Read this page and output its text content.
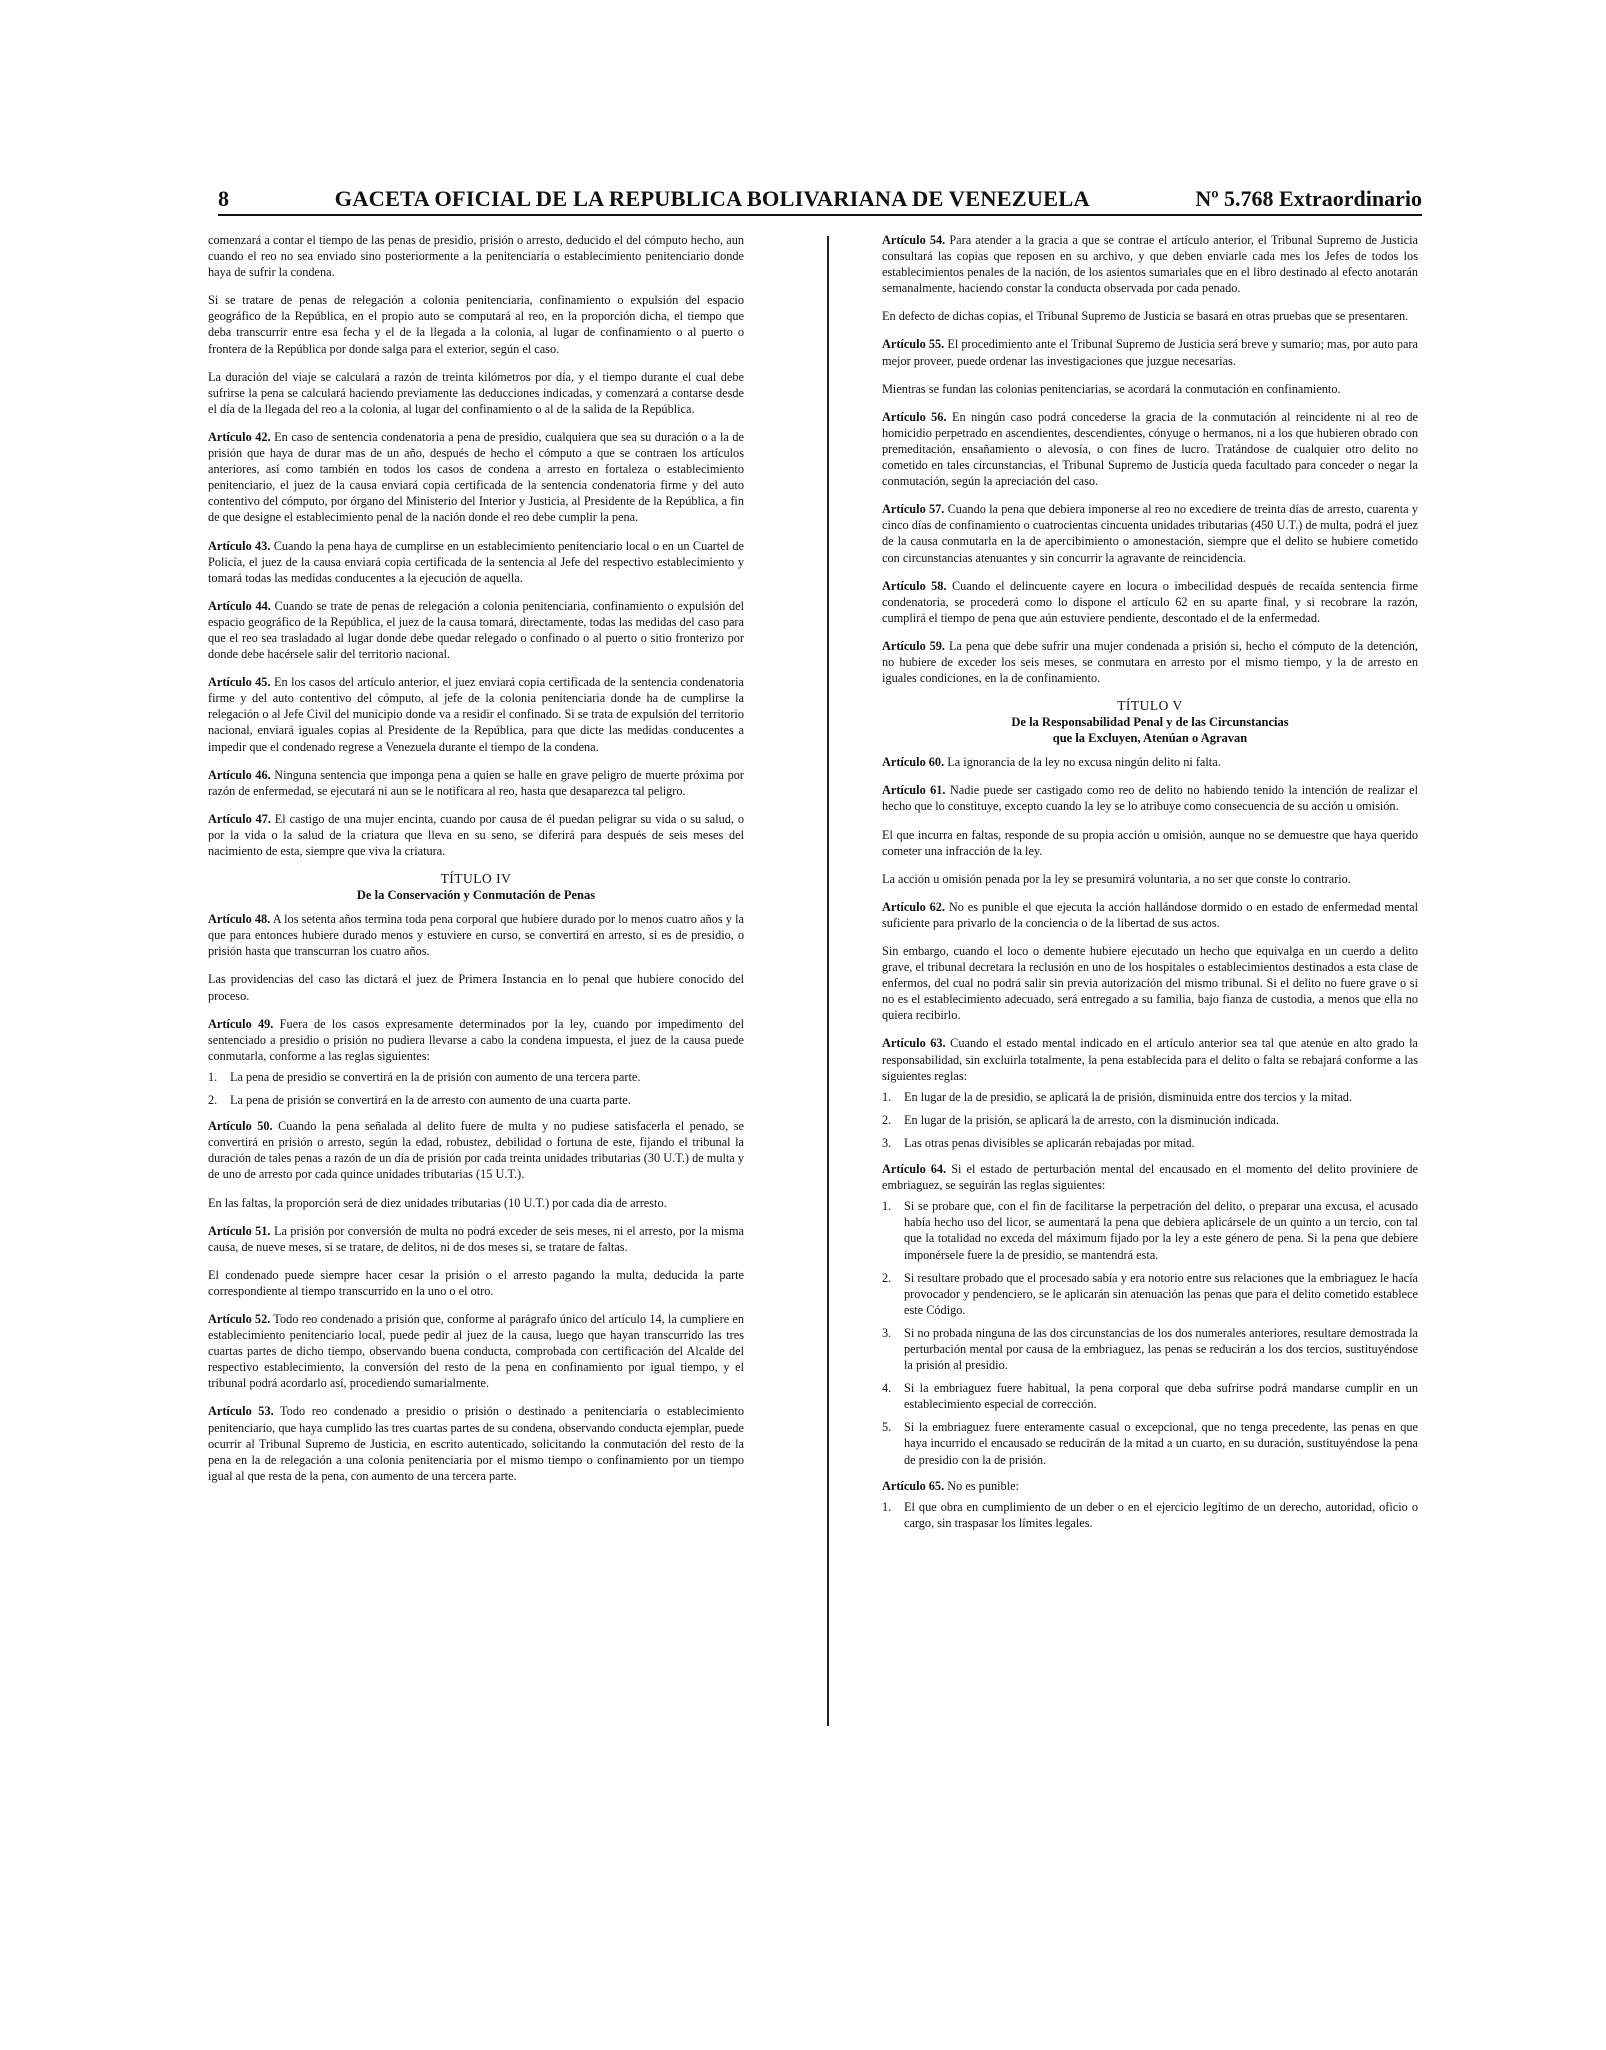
8	GACETA OFICIAL DE LA REPUBLICA BOLIVARIANA DE VENEZUELA	Nº 5.768 Extraordinario

comenzará a contar el tiempo de las penas de presidio, prisión o arresto, deducido el del cómputo hecho, aun cuando el reo no sea enviado sino posteriormente a la penitenciaría o establecimiento penitenciario donde haya de sufrir la condena.

Si se tratare de penas de relegación a colonia penitenciaria, confinamiento o expulsión del espacio geográfico de la República, en el propio auto se computará al reo, en la proporción dicha, el tiempo que deba transcurrir entre esa fecha y el de la llegada a la colonia, al lugar de confinamiento o al puerto o frontera de la República por donde salga para el exterior, según el caso.

La duración del viaje se calculará a razón de treinta kilómetros por día, y el tiempo durante el cual debe sufrirse la pena se calculará haciendo previamente las deducciones indicadas, y comenzará a contarse desde el día de la llegada del reo a la colonia, al lugar del confinamiento o al de la salida de la República.

Artículo 42. En caso de sentencia condenatoria a pena de presidio, cualquiera que sea su duración o a la de prisión que haya de durar mas de un año, después de hecho el cómputo a que se contraen los artículos anteriores, así como también en todos los casos de condena a arresto en fortaleza o establecimiento penitenciario, el juez de la causa enviará copia certificada de la sentencia condenatoria firme y del auto contentivo del cómputo, por órgano del Ministerio del Interior y Justicia, al Presidente de la República, a fin de que designe el establecimiento penal de la nación donde el reo debe cumplir la pena.

Artículo 43. Cuando la pena haya de cumplirse en un establecimiento penitenciario local o en un Cuartel de Policía, el juez de la causa enviará copia certificada de la sentencia al Jefe del respectivo establecimiento y tomará todas las medidas conducentes a la ejecución de aquella.

Artículo 44. Cuando se trate de penas de relegación a colonia penitenciaria, confinamiento o expulsión del espacio geográfico de la República, el juez de la causa tomará, directamente, todas las medidas del caso para que el reo sea trasladado al lugar donde debe quedar relegado o confinado o al puerto o sitio fronterizo por donde debe hacérsele salir del territorio nacional.

Artículo 45. En los casos del artículo anterior, el juez enviará copia certificada de la sentencia condenatoria firme y del auto contentivo del cómputo, al jefe de la colonia penitenciaria donde ha de cumplirse la relegación o al Jefe Civil del municipio donde va a residir el confinado. Si se trata de expulsión del territorio nacional, enviará iguales copias al Presidente de la República, para que dicte las medidas conducentes a impedir que el condenado regrese a Venezuela durante el tiempo de la condena.

Artículo 46. Ninguna sentencia que imponga pena a quien se halle en grave peligro de muerte próxima por razón de enfermedad, se ejecutará ni aun se le notificara al reo, hasta que desaparezca tal peligro.

Artículo 47. El castigo de una mujer encinta, cuando por causa de él puedan peligrar su vida o su salud, o por la vida o la salud de la criatura que lleva en su seno, se diferirá para después de seis meses del nacimiento de esta, siempre que viva la criatura.

TÍTULO IV
De la Conservación y Conmutación de Penas

Artículo 48. A los setenta años termina toda pena corporal que hubiere durado por lo menos cuatro años y la que para entonces hubiere durado menos y estuviere en curso, se convertirá en arresto, si es de presidio, o prisión hasta que transcurran los cuatro años.

Las providencias del caso las dictará el juez de Primera Instancia en lo penal que hubiere conocido del proceso.

Artículo 49. Fuera de los casos expresamente determinados por la ley, cuando por impedimento del sentenciado a presidio o prisión no pudiera llevarse a cabo la condena impuesta, el juez de la causa puede conmutarla, conforme a las reglas siguientes:

1.	La pena de presidio se convertirá en la de prisión con aumento de una tercera parte.
2.	La pena de prisión se convertirá en la de arresto con aumento de una cuarta parte.

Artículo 50. Cuando la pena señalada al delito fuere de multa y no pudiese satisfacerla el penado, se convertirá en prisión o arresto, según la edad, robustez, debilidad o fortuna de este, fijando el tribunal la duración de tales penas a razón de un día de prisión por cada treinta unidades tributarias (30 U.T.) de multa y de uno de arresto por cada quince unidades tributarias (15 U.T.).

En las faltas, la proporción será de diez unidades tributarias (10 U.T.) por cada día de arresto.

Artículo 51. La prisión por conversión de multa no podrá exceder de seis meses, ni el arresto, por la misma causa, de nueve meses, si se tratare, de delitos, ni de dos meses si, se tratare de faltas.

El condenado puede siempre hacer cesar la prisión o el arresto pagando la multa, deducida la parte correspondiente al tiempo transcurrido en la uno o el otro.

Artículo 52. Todo reo condenado a prisión que, conforme al parágrafo único del artículo 14, la cumpliere en establecimiento penitenciario local, puede pedir al juez de la causa, luego que hayan transcurrido las tres cuartas partes de dicho tiempo, observando buena conducta, comprobada con certificación del Alcalde del respectivo establecimiento, la conversión del resto de la pena en confinamiento por igual tiempo, y el tribunal podrá acordarlo así, procediendo sumarialmente.

Artículo 53. Todo reo condenado a presidio o prisión o destinado a penitenciaría o establecimiento penitenciario, que haya cumplido las tres cuartas partes de su condena, observando conducta ejemplar, puede ocurrir al Tribunal Supremo de Justicia, en escrito autenticado, solicitando la conmutación del resto de la pena en la de relegación a una colonia penitenciaria por el mismo tiempo o confinamiento por un tiempo igual al que resta de la pena, con aumento de una tercera parte.

Artículo 54. Para atender a la gracia a que se contrae el artículo anterior, el Tribunal Supremo de Justicia consultará las copias que reposen en su archivo, y que deben enviarle cada mes los Jefes de todos los establecimientos penales de la nación, de los asientos sumariales que en el libro destinado al efecto anotarán semanalmente, haciendo constar la conducta observada por cada penado.

En defecto de dichas copias, el Tribunal Supremo de Justicia se basará en otras pruebas que se presentaren.

Artículo 55. El procedimiento ante el Tribunal Supremo de Justicia será breve y sumario; mas, por auto para mejor proveer, puede ordenar las investigaciones que juzgue necesarias.

Mientras se fundan las colonias penitenciarias, se acordará la conmutación en confinamiento.

Artículo 56. En ningún caso podrá concederse la gracia de la conmutación al reincidente ni al reo de homicidio perpetrado en ascendientes, descendientes, cónyuge o hermanos, ni a los que hubieren obrado con premeditación, ensañamiento o alevosía, o con fines de lucro. Tratándose de cualquier otro delito no cometido en tales circunstancias, el Tribunal Supremo de Justicia queda facultado para conceder o negar la conmutación, según la apreciación del caso.

Artículo 57. Cuando la pena que debiera imponerse al reo no excediere de treinta días de arresto, cuarenta y cinco días de confinamiento o cuatrocientas cincuenta unidades tributarias (450 U.T.) de multa, podrá el juez de la causa conmutarla en la de apercibimiento o amonestación, siempre que el delito se hubiere cometido con circunstancias atenuantes y sin concurrir la agravante de reincidencia.

Artículo 58. Cuando el delincuente cayere en locura o imbecilidad después de recaída sentencia firme condenatoria, se procederá como lo dispone el artículo 62 en su aparte final, y si recobrare la razón, cumplirá el tiempo de pena que aún estuviere pendiente, descontado el de la enfermedad.

Artículo 59. La pena que debe sufrir una mujer condenada a prisión si, hecho el cómputo de la detención, no hubiere de exceder los seis meses, se conmutara en arresto por el mismo tiempo, y la de arresto en iguales condiciones, en la de confinamiento.

TÍTULO V
De la Responsabilidad Penal y de las Circunstancias
que la Excluyen, Atenúan o Agravan

Artículo 60. La ignorancia de la ley no excusa ningún delito ni falta.

Artículo 61. Nadie puede ser castigado como reo de delito no habiendo tenido la intención de realizar el hecho que lo constituye, excepto cuando la ley se lo atribuye como consecuencia de su acción u omisión.

El que incurra en faltas, responde de su propia acción u omisión, aunque no se demuestre que haya querido cometer una infracción de la ley.

La acción u omisión penada por la ley se presumirá voluntaria, a no ser que conste lo contrario.

Artículo 62. No es punible el que ejecuta la acción hallándose dormido o en estado de enfermedad mental suficiente para privarlo de la conciencia o de la libertad de sus actos.

Sin embargo, cuando el loco o demente hubiere ejecutado un hecho que equivalga en un cuerdo a delito grave, el tribunal decretara la reclusión en uno de los hospitales o establecimientos destinados a esta clase de enfermos, del cual no podrá salir sin previa autorización del mismo tribunal. Si el delito no fuere grave o si no es el establecimiento adecuado, será entregado a su familia, bajo fianza de custodia, a menos que ella no quiera recibirlo.

Artículo 63. Cuando el estado mental indicado en el artículo anterior sea tal que atenúe en alto grado la responsabilidad, sin excluirla totalmente, la pena establecida para el delito o falta se rebajará conforme a las siguientes reglas:

1.	En lugar de la de presidio, se aplicará la de prisión, disminuida entre dos tercios y la mitad.
2.	En lugar de la prisión, se aplicará la de arresto, con la disminución indicada.
3.	Las otras penas divisibles se aplicarán rebajadas por mitad.

Artículo 64. Si el estado de perturbación mental del encausado en el momento del delito proviniere de embriaguez, se seguirán las reglas siguientes:

1.	Si se probare que, con el fin de facilitarse la perpetración del delito, o preparar una excusa, el acusado había hecho uso del licor, se aumentará la pena que debiera aplicársele de un quinto a un tercio, con tal que la totalidad no exceda del máximum fijado por la ley a este género de pena. Si la pena que debiere imponérsele fuere la de presidio, se mantendrá esta.
2.	Si resultare probado que el procesado sabía y era notorio entre sus relaciones que la embriaguez le hacía provocador y pendenciero, se le aplicarán sin atenuación las penas que para el delito cometido establece este Código.
3.	Si no probada ninguna de las dos circunstancias de los dos numerales anteriores, resultare demostrada la perturbación mental por causa de la embriaguez, las penas se reducirán a los dos tercios, sustituyéndose la prisión al presidio.
4.	Si la embriaguez fuere habitual, la pena corporal que deba sufrirse podrá mandarse cumplir en un establecimiento especial de corrección.
5.	Si la embriaguez fuere enteramente casual o excepcional, que no tenga precedente, las penas en que haya incurrido el encausado se reducirán de la mitad a un cuarto, en su duración, sustituyéndose la pena de presidio con la de prisión.

Artículo 65. No es punible:

1.	El que obra en cumplimiento de un deber o en el ejercicio legítimo de un derecho, autoridad, oficio o cargo, sin traspasar los límites legales.
